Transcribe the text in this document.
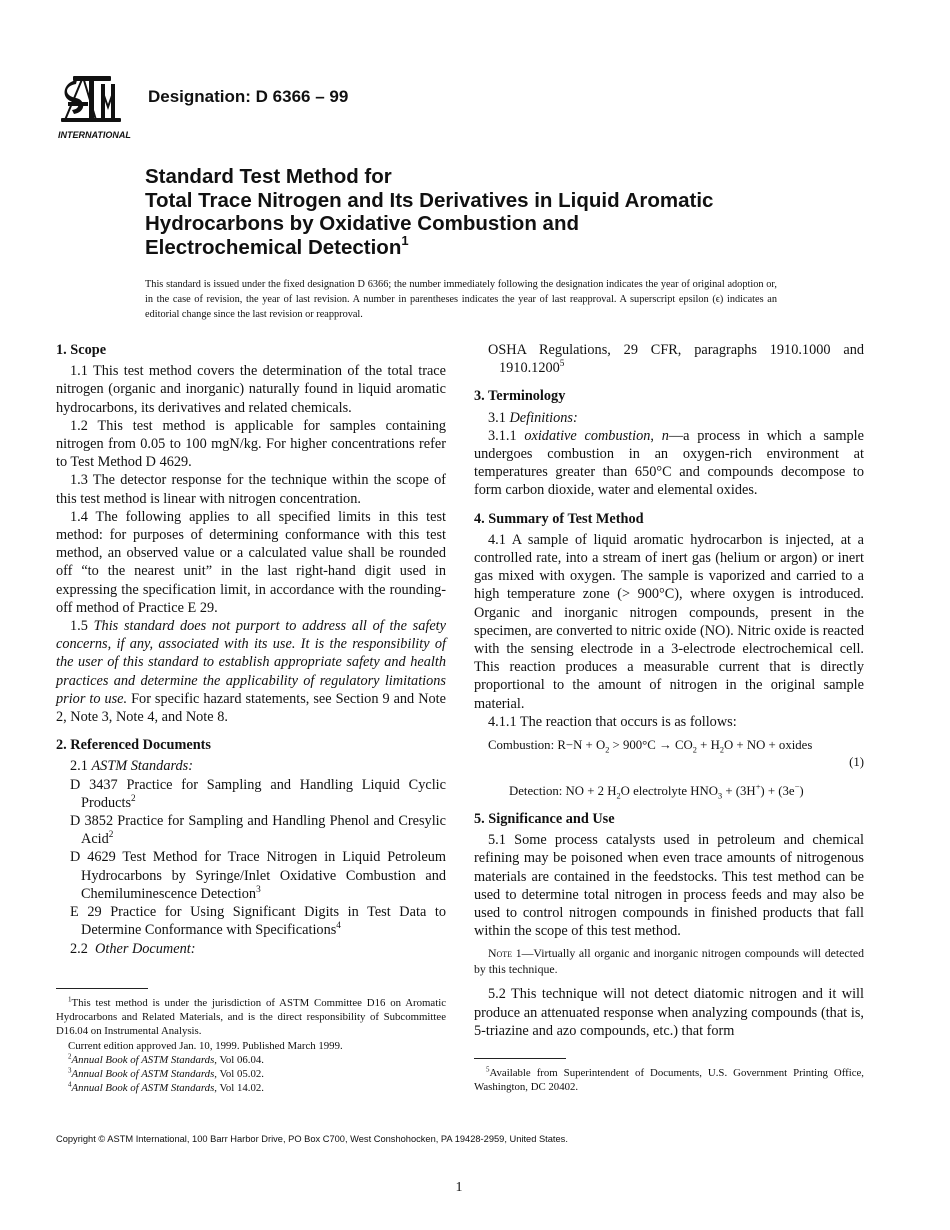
INTERNATIONAL
Designation: D 6366 – 99
Standard Test Method for
Total Trace Nitrogen and Its Derivatives in Liquid Aromatic
Hydrocarbons by Oxidative Combustion and
Electrochemical Detection$^1$
This standard is issued under the fixed designation D 6366; the number immediately following the designation indicates the year of original adoption or, in the case of revision, the year of last revision. A number in parentheses indicates the year of last reapproval. A superscript epsilon (ϵ) indicates an editorial change since the last revision or reapproval.

1. Scope

1.1 This test method covers the determination of the total trace nitrogen (organic and inorganic) naturally found in liquid aromatic hydrocarbons, its derivatives and related chemicals.

1.2 This test method is applicable for samples containing nitrogen from 0.05 to 100 mgN/kg. For higher concentrations refer to Test Method D 4629.

1.3 The detector response for the technique within the scope of this test method is linear with nitrogen concentration.

1.4 The following applies to all specified limits in this test method: for purposes of determining conformance with this test method, an observed value or a calculated value shall be rounded off “to the nearest unit” in the last right-hand digit used in expressing the specification limit, in accordance with the rounding-off method of Practice E 29.

1.5 This standard does not purport to address all of the safety concerns, if any, associated with its use. It is the responsibility of the user of this standard to establish appropriate safety and health practices and determine the applicability of regulatory limitations prior to use. For specific hazard statements, see Section 9 and Note 2, Note 3, Note 4, and Note 8.

2. Referenced Documents

2.1 ASTM Standards:

D 3437 Practice for Sampling and Handling Liquid Cyclic Products$^2$

D 3852 Practice for Sampling and Handling Phenol and Cresylic Acid$^2$

D 4629 Test Method for Trace Nitrogen in Liquid Petroleum Hydrocarbons by Syringe/Inlet Oxidative Combustion and Chemiluminescence Detection$^3$

E 29 Practice for Using Significant Digits in Test Data to Determine Conformance with Specifications$^4$

2.2 Other Document:

$^1$This test method is under the jurisdiction of ASTM Committee D16 on Aromatic Hydrocarbons and Related Materials, and is the direct responsibility of Subcommittee D16.04 on Instrumental Analysis.

Current edition approved Jan. 10, 1999. Published March 1999.

$^2$Annual Book of ASTM Standards, Vol 06.04.

$^3$Annual Book of ASTM Standards, Vol 05.02.

$^4$Annual Book of ASTM Standards, Vol 14.02.

OSHA Regulations, 29 CFR, paragraphs 1910.1000 and 1910.1200$^5$

3. Terminology

3.1 Definitions:

3.1.1 oxidative combustion, n—a process in which a sample undergoes combustion in an oxygen-rich environment at temperatures greater than 650°C and compounds decompose to form carbon dioxide, water and elemental oxides.

4. Summary of Test Method

4.1 A sample of liquid aromatic hydrocarbon is injected, at a controlled rate, into a stream of inert gas (helium or argon) or inert gas mixed with oxygen. The sample is vaporized and carried to a high temperature zone (> 900°C), where oxygen is introduced. Organic and inorganic nitrogen compounds, present in the specimen, are converted to nitric oxide (NO). Nitric oxide is reacted with the sensing electrode in a 3-electrode electrochemical cell. This reaction produces a measurable current that is directly proportional to the amount of nitrogen in the original sample material.

4.1.1 The reaction that occurs is as follows:

Combustion: $R-N + O_2 > 900^\circ C \to CO_2 + H_2O$ + NO + oxides
(1)
Detection: NO + 2 $H_2O$ electrolyte $HNO_3 + (3H^+) + (3e^-)$

5. Significance and Use

5.1 Some process catalysts used in petroleum and chemical refining may be poisoned when even trace amounts of nitrogenous materials are contained in the feedstocks. This test method can be used to determine total nitrogen in process feeds and may also be used to control nitrogen compounds in finished products that fall within the scope of this test method.

Note 1—Virtually all organic and inorganic nitrogen compounds will detected by this technique.

5.2 This technique will not detect diatomic nitrogen and it will produce an attenuated response when analyzing compounds (that is, 5-triazine and azo compounds, etc.) that form

$^5$Available from Superintendent of Documents, U.S. Government Printing Office, Washington, DC 20402.

Copyright © ASTM International, 100 Barr Harbor Drive, PO Box C700, West Conshohocken, PA 19428-2959, United States.
1
